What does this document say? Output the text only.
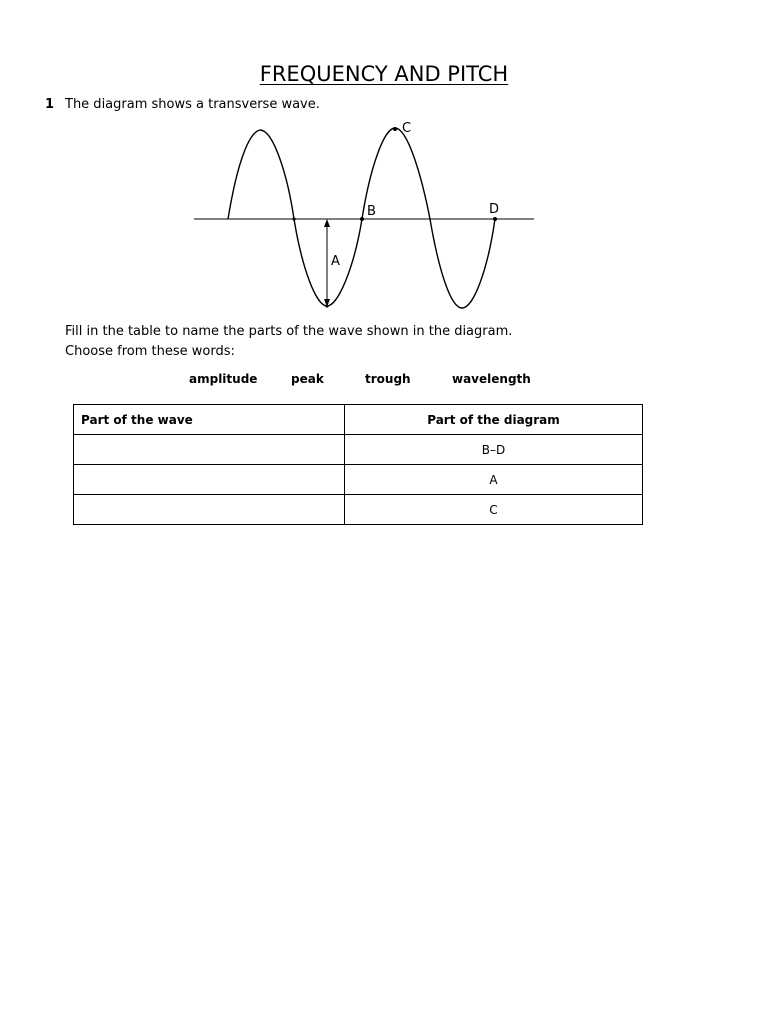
FREQUENCY AND PITCH
1 The diagram shows a transverse wave.
A
B
C
D
Fill in the table to name the parts of the wave shown in the diagram.
Choose from these words:
amplitude	peak	trough	wavelength
Part of the wave	Part of the diagram
	B–D
	A
	C
